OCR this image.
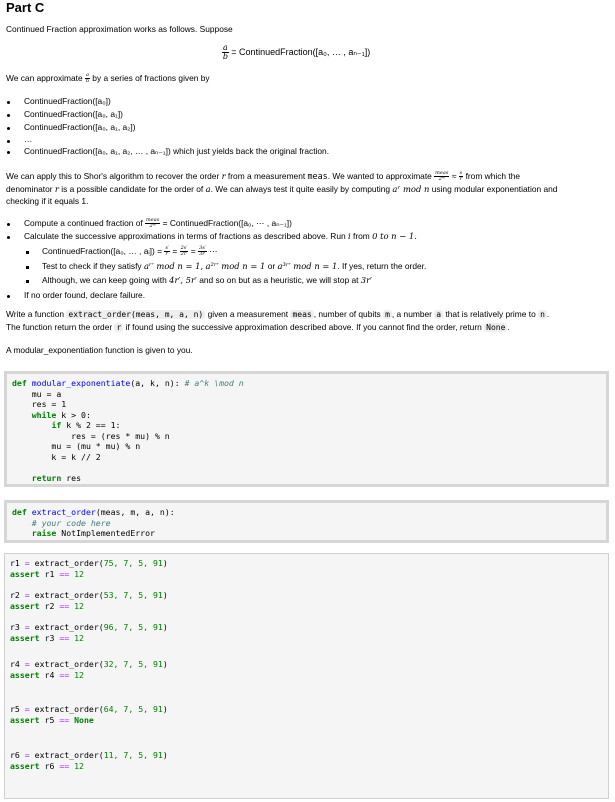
Part C
Continued Fraction approximation works as follows. Suppose
$\frac{a}{b}$ = ContinuedFraction([a₀, … , aₙ₋₁])
We can approximate $\frac{a}{b}$ by a series of fractions given by
ContinuedFraction([a₀])
ContinuedFraction([a₀, a₁])
ContinuedFraction([a₀, a₁, a₂])
…
ContinuedFraction([a₀, a₁, a₂, … , aₙ₋₁]) which just yields back the original fraction.
We can apply this to Shor's algorithm to recover the order r from a measurement meas. We wanted to approximate $\frac{\text{meas}}{\text{2ᵐ}} \approx \frac{s}{r}$ from which the
denominator r is a possible candidate for the order of a. We can always test it quite easily by computing aʳ mod n using modular exponentiation and
checking if it equals 1.
Compute a continued fraction of $\frac{\text{meas}}{\text{2ᵐ}}$ = ContinuedFraction([a₀, ⋯ , aₙ₋₁])
Calculate the successive approximations in terms of fractions as described above. Run i from 0 to n − 1.
ContinuedFraction([a₀, … , aᵢ]) = $\frac{s'}{r'} = \frac{2s'}{2r'} = \frac{3s'}{3r'}$ ⋯
Test to check if they satisfy aʳ′ mod n = 1, a²ʳ′ mod n = 1 or a³ʳ′ mod n = 1. If yes, return the order.
Although, we can keep going with 4r′, 5r′ and so on but as a heuristic, we will stop at 3r′
If no order found, declare failure.
Write a function extract_order(meas, m, a, n) given a measurement meas , number of qubits m , a number a that is relatively prime to n .
The function return the order r if found using the successive approximation described above. If you cannot find the order, return None .
A modular_exponentiation function is given to you.
def modular_exponentiate(a, k, n): # a^k \mod n
mu = a
res = 1
while k > 0:
if k % 2 == 1:
res = (res * mu) % n
mu = (mu * mu) % n
k = k // 2

return res
def extract_order(meas, m, a, n):
# your code here
raise NotImplementedError
r1 = extract_order(75, 7, 5, 91)
assert r1 == 12
r2 = extract_order(53, 7, 5, 91)
assert r2 == 12
r3 = extract_order(96, 7, 5, 91)
assert r3 == 12
r4 = extract_order(32, 7, 5, 91)
assert r4 == 12
r5 = extract_order(64, 7, 5, 91)
assert r5 == None
r6 = extract_order(11, 7, 5, 91)
assert r6 == 12
